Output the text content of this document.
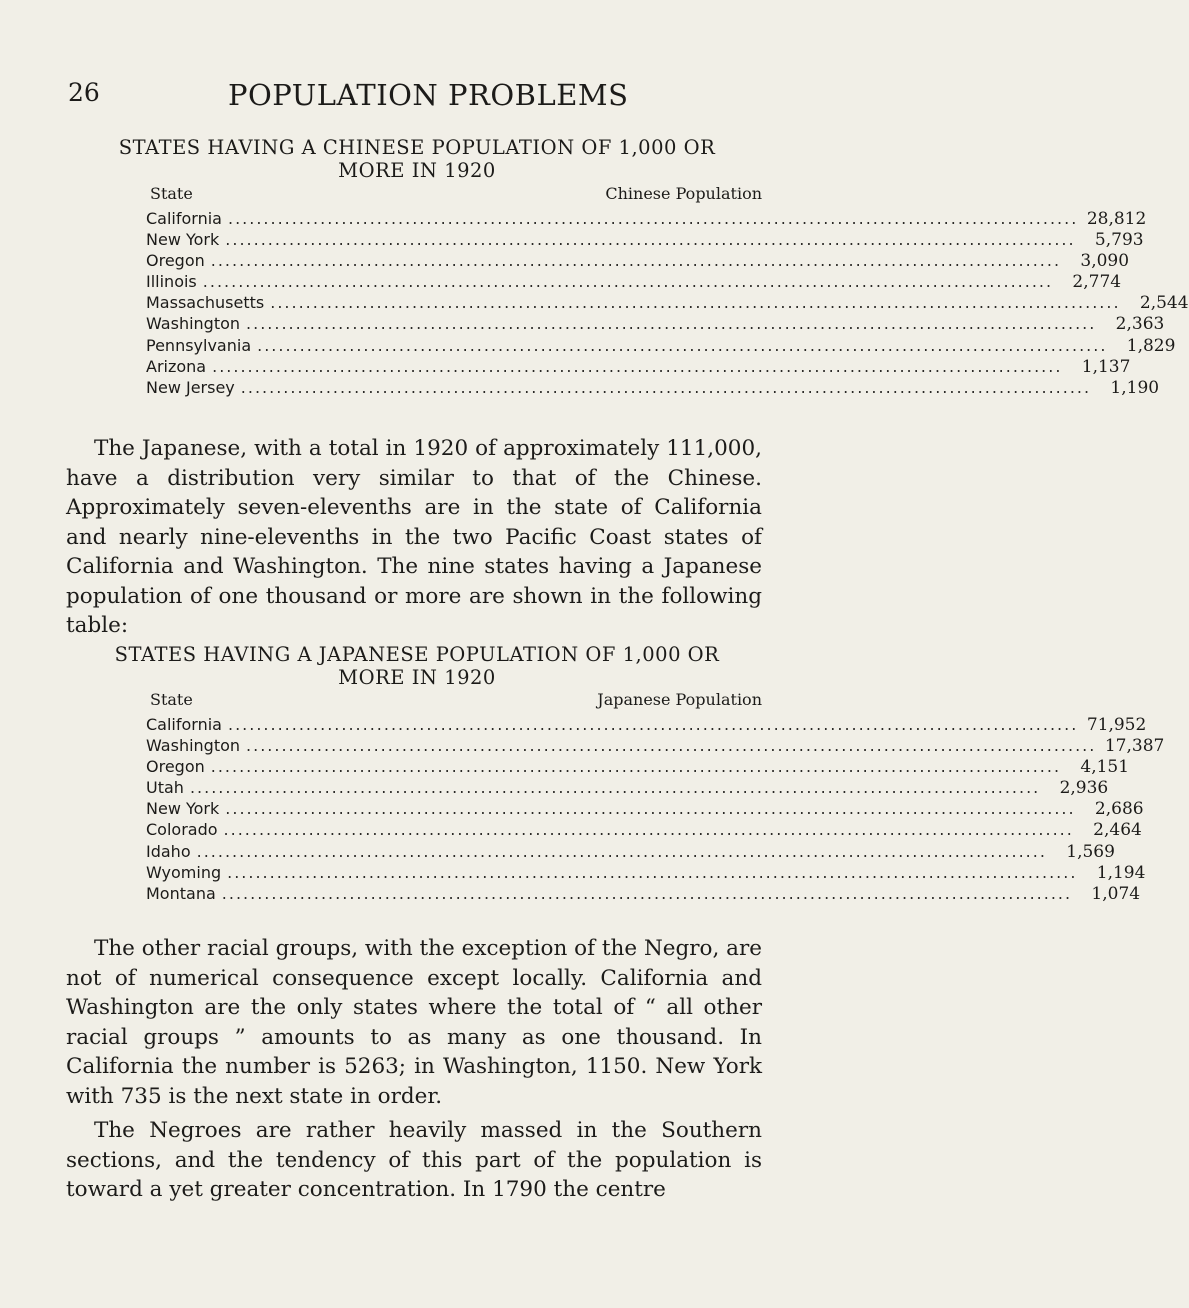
26	POPULATION PROBLEMS
STATES HAVING A CHINESE POPULATION OF 1,000 OR
MORE IN 1920
State	Chinese Population
California ........................................................................................................................ 28,812
New York ........................................................................................................................	5,793
Oregon ........................................................................................................................	3,090
Illinois ........................................................................................................................	2,774
Massachusetts ........................................................................................................................	2,544
Washington ........................................................................................................................	2,363
Pennsylvania ........................................................................................................................	1,829
Arizona ........................................................................................................................	1,137
New Jersey ........................................................................................................................	1,190

The Japanese, with a total in 1920 of approximately 111,000, have a distribution very similar to that of the Chinese. Approximately seven-elevenths are in the state of California and nearly nine-elevenths in the two Pacific Coast states of California and Washington. The nine states having a Japanese population of one thousand or more are shown in the following table:

STATES HAVING A JAPANESE POPULATION OF 1,000 OR
MORE IN 1920
State	Japanese Population
California ........................................................................................................................ 71,952
Washington ........................................................................................................................ 17,387
Oregon ........................................................................................................................	4,151
Utah ........................................................................................................................	2,936
New York ........................................................................................................................	2,686
Colorado ........................................................................................................................	2,464
Idaho ........................................................................................................................	1,569
Wyoming ........................................................................................................................	1,194
Montana ........................................................................................................................	1,074

The other racial groups, with the exception of the Negro, are not of numerical consequence except locally. California and Washington are the only states where the total of “ all other racial groups ” amounts to as many as one thousand. In California the number is 5263; in Washington, 1150. New York with 735 is the next state in order.

The Negroes are rather heavily massed in the Southern sections, and the tendency of this part of the population is toward a yet greater concentration. In 1790 the centre
